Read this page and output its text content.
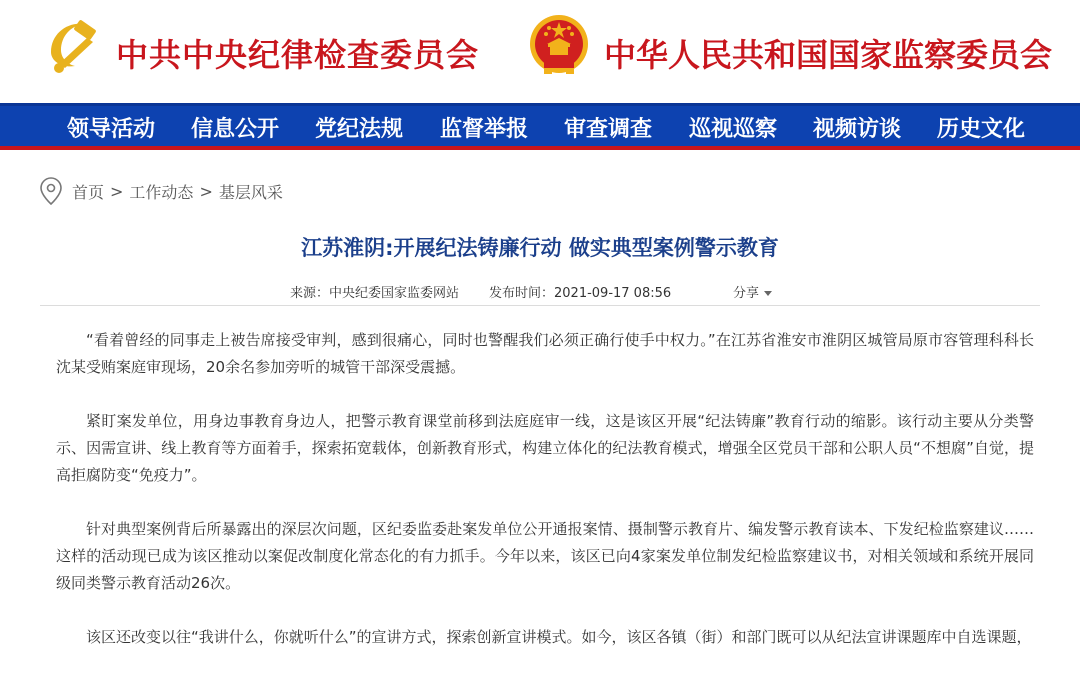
中共中央纪律检查委员会	中华人民共和国国家监察委员会
领导活动 信息公开 党纪法规 监督举报 审查调查 巡视巡察 视频访谈 历史文化
首页 > 工作动态 > 基层风采
江苏淮阴:开展纪法铸廉行动 做实典型案例警示教育
来源：中央纪委国家监委网站 发布时间：2021-09-17 08:56	分享

“看着曾经的同事走上被告席接受审判，感到很痛心，同时也警醒我们必须正确行使手中权力。”在江苏省淮安市淮阴区城管局原市容管理科科长沈某受贿案庭审现场，20余名参加旁听的城管干部深受震撼。

紧盯案发单位，用身边事教育身边人，把警示教育课堂前移到法庭庭审一线，这是该区开展“纪法铸廉”教育行动的缩影。该行动主要从分类警示、因需宣讲、线上教育等方面着手，探索拓宽载体，创新教育形式，构建立体化的纪法教育模式，增强全区党员干部和公职人员“不想腐”自觉，提高拒腐防变“免疫力”。

针对典型案例背后所暴露出的深层次问题，区纪委监委赴案发单位公开通报案情、摄制警示教育片、编发警示教育读本、下发纪检监察建议……这样的活动现已成为该区推动以案促改制度化常态化的有力抓手。今年以来，该区已向4家案发单位制发纪检监察建议书，对相关领域和系统开展同级同类警示教育活动26次。

该区还改变以往“我讲什么，你就听什么”的宣讲方式，探索创新宣讲模式。如今，该区各镇（街）和部门既可以从纪法宣讲课题库中自选课题，
